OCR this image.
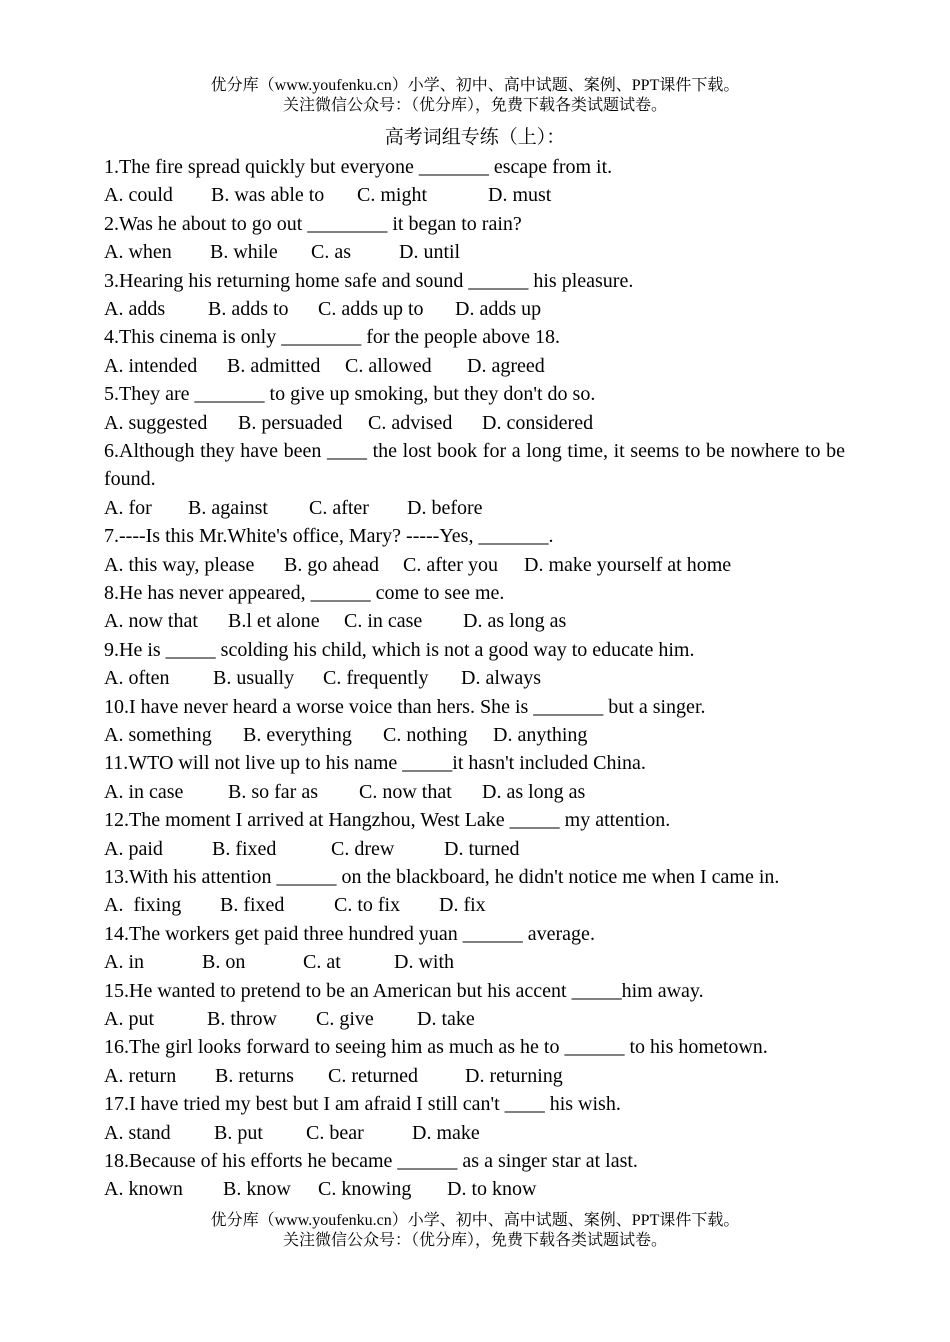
优分库（www.youfenku.cn）小学、初中、高中试题、案例、PPT课件下载。
关注微信公众号：（优分库），免费下载各类试题试卷。
高考词组专练（上）：
1.The fire spread quickly but everyone _______ escape from it.
A. could B. was able to C. might	D. must
2.Was he about to go out ________ it began to rain?
A. when B. while C. as D. until
3.Hearing his returning home safe and sound ______ his pleasure.
A. adds B. adds to C. adds up to D. adds up
4.This cinema is only ________ for the people above 18.
A. intended B. admitted C. allowed D. agreed
5.They are _______ to give up smoking, but they don't do so.
A. suggested B. persuaded C. advised D. considered
6.Although they have been ____ the lost book for a long time, it seems to be nowhere to be found.
A. for B. against C. after D. before
7.----Is this Mr.White's office, Mary? -----Yes, _______.
A. this way, please B. go ahead C. after you D. make yourself at home
8.He has never appeared, ______ come to see me.
A. now that B.l et alone C. in case D. as long as
9.He is _____ scolding his child, which is not a good way to educate him.
A. often B. usually C. frequently D. always
10.I have never heard a worse voice than hers. She is _______ but a singer.
A. something B. everything C. nothing D. anything
11.WTO will not live up to his name _____it hasn't included China.
A. in case B. so far as C. now that D. as long as
12.The moment I arrived at Hangzhou, West Lake _____ my attention.
A. paid B. fixed	C. drew D. turned
13.With his attention ______ on the blackboard, he didn't notice me when I came in.
A.  fixing B. fixed C. to fix D. fix
14.The workers get paid three hundred yuan ______ average.
A. in	B. on	C. at	D. with
15.He wanted to pretend to be an American but his accent _____him away.
A. put	B. throw C. give D. take
16.The girl looks forward to seeing him as much as he to ______ to his hometown.
A. return B. returns C. returned D. returning
17.I have tried my best but I am afraid I still can't ____ his wish.
A. stand B. put C. bear D. make
18.Because of his efforts he became ______ as a singer star at last.
A. known B. know C. knowing D. to know
优分库（www.youfenku.cn）小学、初中、高中试题、案例、PPT课件下载。
关注微信公众号：（优分库），免费下载各类试题试卷。
